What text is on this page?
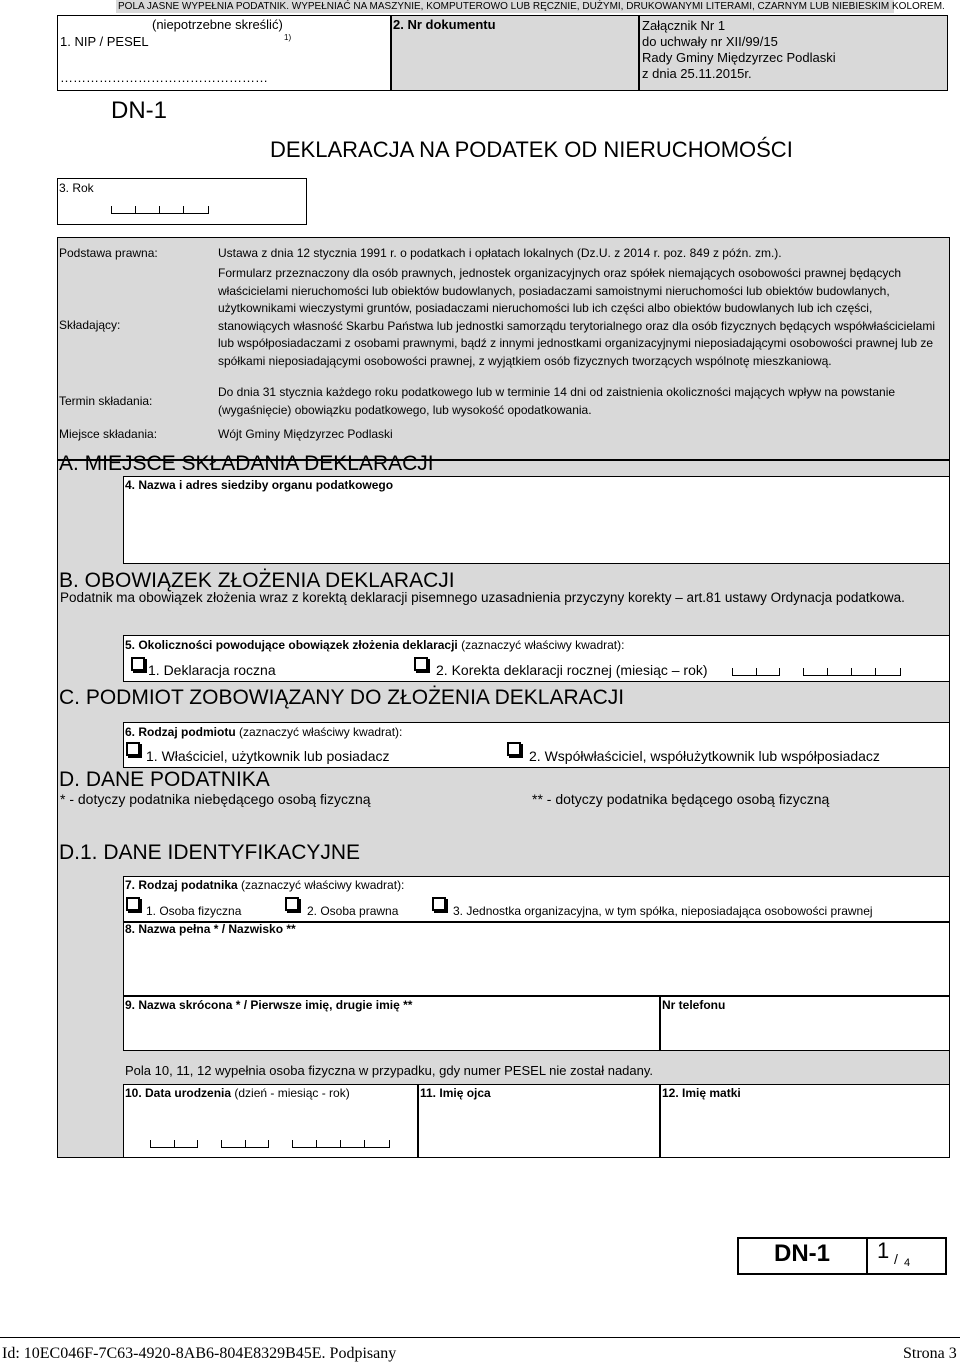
POLA JASNE WYPEŁNIA PODATNIK. WYPEŁNIAĆ NA MASZYNIE, KOMPUTEROWO LUB RĘCZNIE, DUŻYMI, DRUKOWANYMI LITERAMI, CZARNYM LUB NIEBIESKIM KOLOREM.
(niepotrzebne skreślić)
1. NIP / PESEL	1)
…………………………………………
2. Nr dokumentu	Załącznik Nr 1
do uchwały nr XII/99/15
Rady Gminy Międzyrzec Podlaski
z dnia 25.11.2015r.
DN-1
DEKLARACJA NA PODATEK OD NIERUCHOMOŚCI
3. Rok
Podstawa prawna:	Ustawa z dnia 12 stycznia 1991 r. o podatkach i opłatach lokalnych (Dz.U. z 2014 r. poz. 849 z późn. zm.).
Składający:
Formularz przeznaczony dla osób prawnych, jednostek organizacyjnych oraz spółek niemających osobowości prawnej będących właścicielami nieruchomości lub obiektów budowlanych, posiadaczami samoistnymi nieruchomości lub obiektów budowlanych, użytkownikami wieczystymi gruntów, posiadaczami nieruchomości lub ich części albo obiektów budowlanych lub ich części, stanowiących własność Skarbu Państwa lub jednostki samorządu terytorialnego oraz dla osób fizycznych będących współwłaścicielami lub współposiadaczami z osobami prawnymi, bądź z innymi jednostkami organizacyjnymi nieposiadającymi osobowości prawnej lub ze spółkami nieposiadającymi osobowości prawnej, z wyjątkiem osób fizycznych tworzących wspólnotę mieszkaniową.
Termin składania:
Do dnia 31 stycznia każdego roku podatkowego lub w terminie 14 dni od zaistnienia okoliczności mających wpływ na powstanie (wygaśnięcie) obowiązku podatkowego, lub wysokość opodatkowania.
Miejsce składania:	Wójt Gminy Międzyrzec Podlaski
A. MIEJSCE SKŁADANIA DEKLARACJI
4. Nazwa i adres siedziby organu podatkowego
B. OBOWIĄZEK ZŁOŻENIA DEKLARACJI
Podatnik ma obowiązek złożenia wraz z korektą deklaracji pisemnego uzasadnienia przyczyny korekty – art.81 ustawy Ordynacja podatkowa.
5. Okoliczności powodujące obowiązek złożenia deklaracji (zaznaczyć właściwy kwadrat):
1. Deklaracja roczna	2. Korekta deklaracji rocznej (miesiąc – rok)
C. PODMIOT ZOBOWIĄZANY DO ZŁOŻENIA DEKLARACJI
6. Rodzaj podmiotu (zaznaczyć właściwy kwadrat):
1. Właściciel, użytkownik lub posiadacz	2. Współwłaściciel, współużytkownik lub współposiadacz
D. DANE PODATNIKA
* - dotyczy podatnika niebędącego osobą fizyczną	** - dotyczy podatnika będącego osobą fizyczną
D.1. DANE IDENTYFIKACYJNE
7. Rodzaj podatnika (zaznaczyć właściwy kwadrat):
1. Osoba fizyczna	2. Osoba prawna	3. Jednostka organizacyjna, w tym spółka, nieposiadająca osobowości prawnej
8. Nazwa pełna * / Nazwisko **
9. Nazwa skrócona * / Pierwsze imię, drugie imię **	Nr telefonu
Pola 10, 11, 12 wypełnia osoba fizyczna w przypadku, gdy numer PESEL nie został nadany.
10. Data urodzenia (dzień - miesiąc - rok)	11. Imię ojca	12. Imię matki
DN-1 1 / 4
Id: 10EC046F-7C63-4920-8AB6-804E8329B45E. Podpisany	Strona 3
